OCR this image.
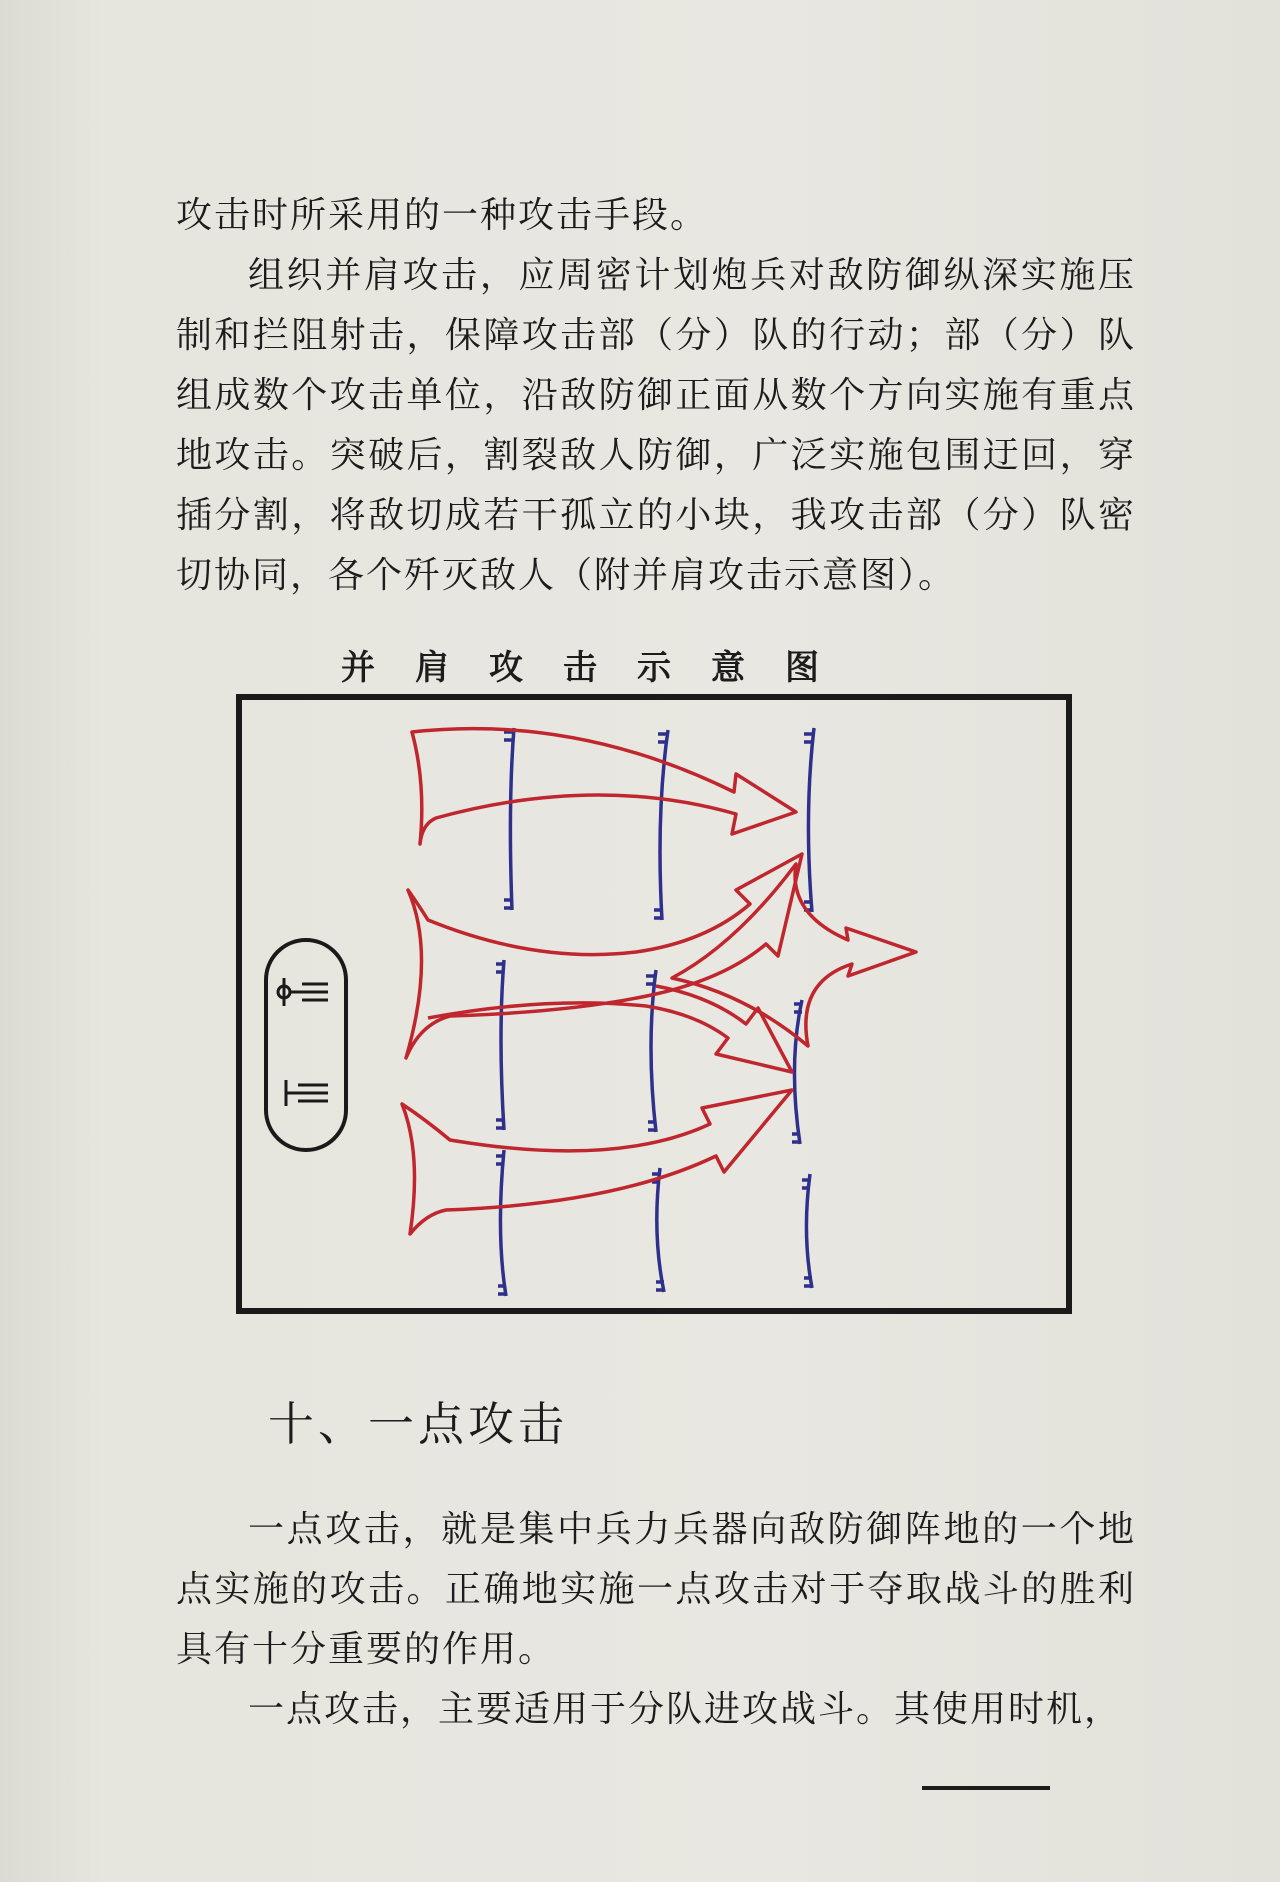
攻击时所采用的一种攻击手段。

组织并肩攻击，应周密计划炮兵对敌防御纵深实施压制和拦阻射击，保障攻击部（分）队的行动；部（分）队组成数个攻击单位，沿敌防御正面从数个方向实施有重点地攻击。突破后，割裂敌人防御，广泛实施包围迂回，穿插分割，将敌切成若干孤立的小块，我攻击部（分）队密切协同，各个歼灭敌人（附并肩攻击示意图）。

并肩攻击示意图
十、一点攻击

一点攻击，就是集中兵力兵器向敌防御阵地的一个地点实施的攻击。正确地实施一点攻击对于夺取战斗的胜利具有十分重要的作用。

一点攻击，主要适用于分队进攻战斗。其使用时机，
